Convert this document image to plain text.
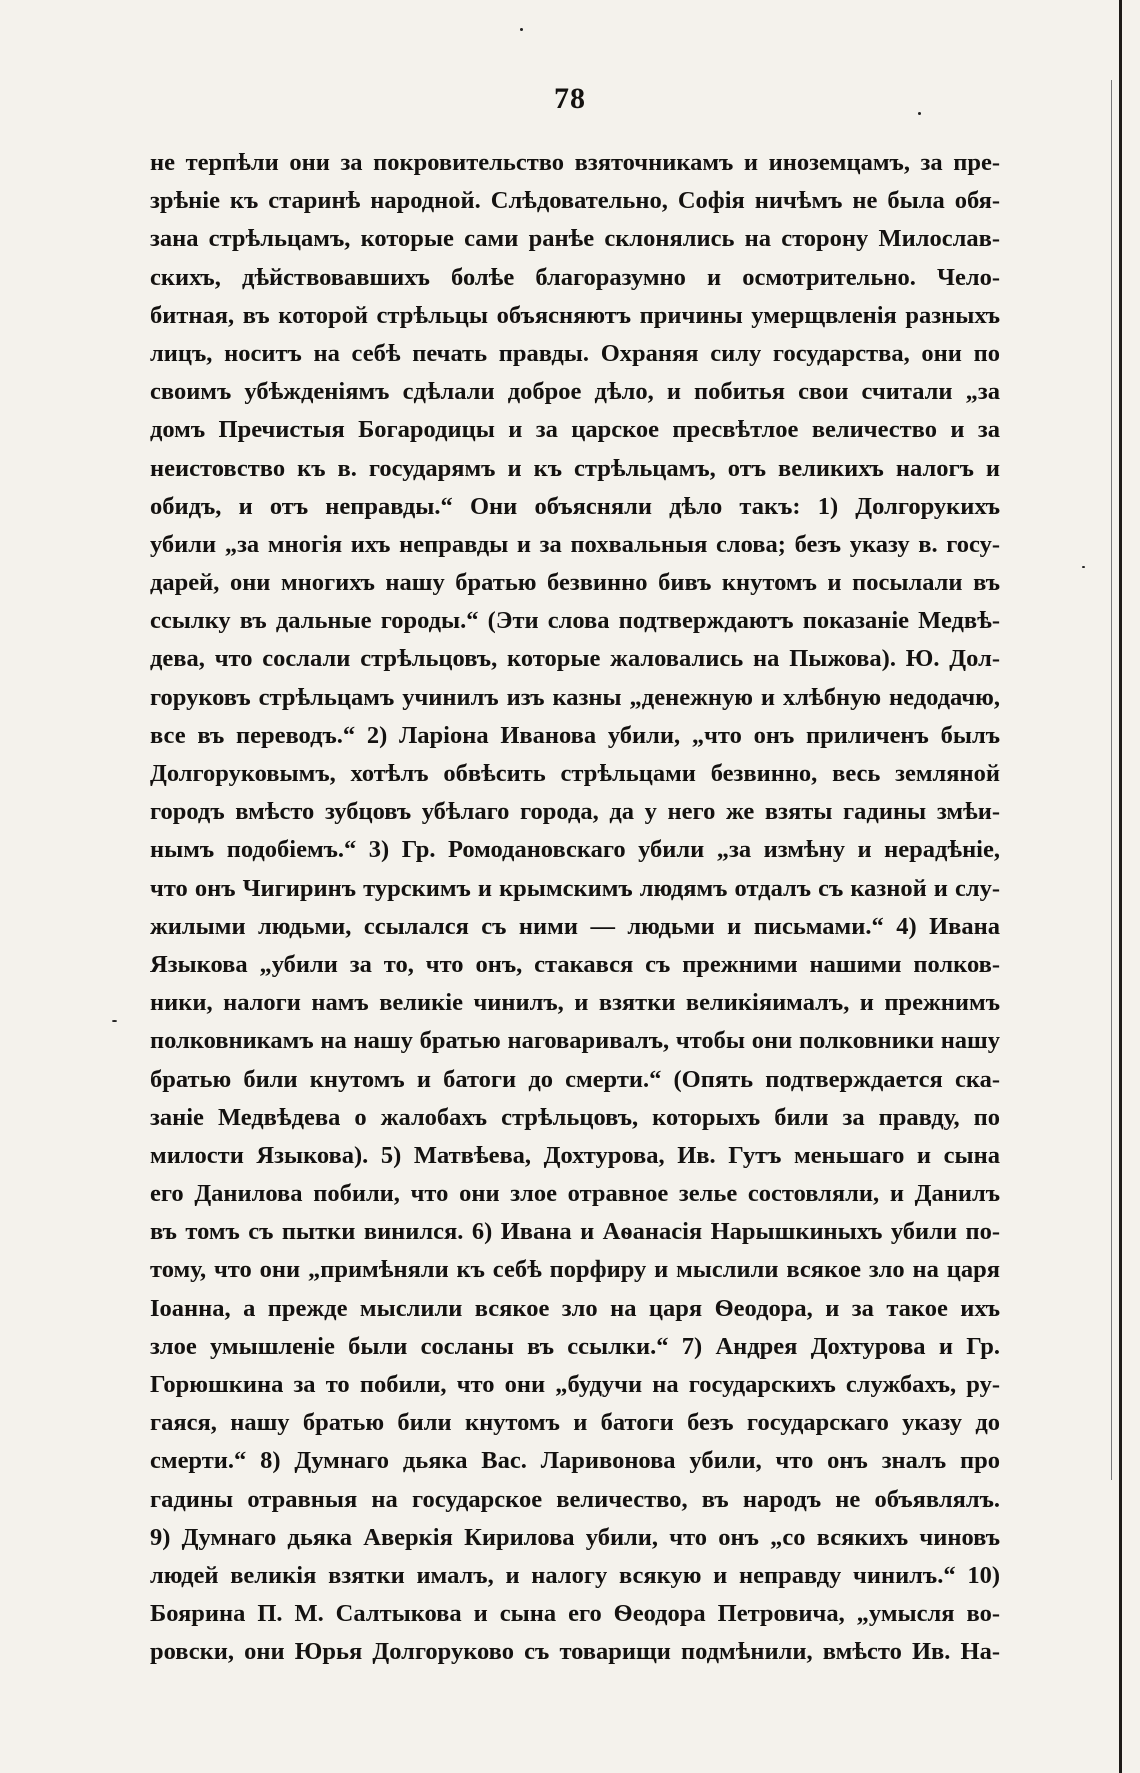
78
не терпѣли они за покровительство взяточникамъ и иноземцамъ, за пре-
зрѣніе къ старинѣ народной. Слѣдовательно, Софія ничѣмъ не была обя-
зана стрѣльцамъ, которые сами ранѣе склонялись на сторону Милослав-
скихъ, дѣйствовавшихъ болѣе благоразумно и осмотрительно. Чело-
битная, въ которой стрѣльцы объясняютъ причины умерщвленія разныхъ
лицъ, носитъ на себѣ печать правды. Охраняя силу государства, они по
своимъ убѣжденіямъ сдѣлали доброе дѣло, и побитья свои считали „за
домъ Пречистыя Богародицы и за царское пресвѣтлое величество и за
неистовство къ в. государямъ и къ стрѣльцамъ, отъ великихъ налогъ и
обидъ, и отъ неправды.“ Они объясняли дѣло такъ: 1) Долгорукихъ
убили „за многія ихъ неправды и за похвальныя слова; безъ указу в. госу-
дарей, они многихъ нашу братью безвинно бивъ кнутомъ и посылали въ
ссылку въ дальные городы.“ (Эти слова подтверждаютъ показаніе Медвѣ-
дева, что сослали стрѣльцовъ, которые жаловались на Пыжова). Ю. Дол-
горуковъ стрѣльцамъ учинилъ изъ казны „денежную и хлѣбную недодачю,
все въ переводъ.“ 2) Ларіона Иванова убили, „что онъ приличенъ былъ
Долгоруковымъ, хотѣлъ обвѣсить стрѣльцами безвинно, весь земляной
городъ вмѣсто зубцовъ убѣлаго города, да у него же взяты гадины змѣи-
нымъ подобіемъ.“ 3) Гр. Ромодановскаго убили „за измѣну и нерадѣніе,
что онъ Чигиринъ турскимъ и крымскимъ людямъ отдалъ съ казной и слу-
жилыми людьми, ссылался съ ними — людьми и письмами.“ 4) Ивана
Языкова „убили за то, что онъ, стакався съ прежними нашими полков-
ники, налоги намъ великіе чинилъ, и взятки великіяималъ, и прежнимъ
полковникамъ на нашу братью наговаривалъ, чтобы они полковники нашу
братью били кнутомъ и батоги до смерти.“ (Опять подтверждается ска-
заніе Медвѣдева о жалобахъ стрѣльцовъ, которыхъ били за правду, по
милости Языкова). 5) Матвѣева, Дохтурова, Ив. Гутъ меньшаго и сына
его Данилова побили, что они злое отравное зелье состовляли, и Данилъ
въ томъ съ пытки винился. 6) Ивана и Аѳанасія Нарышкиныхъ убили по-
тому, что они „примѣняли къ себѣ порфиру и мыслили всякое зло на царя
Іоанна, а прежде мыслили всякое зло на царя Ѳеодора, и за такое ихъ
злое умышленіе были сосланы въ ссылки.“ 7) Андрея Дохтурова и Гр.
Горюшкина за то побили, что они „будучи на государскихъ службахъ, ру-
гаяся, нашу братью били кнутомъ и батоги безъ государскаго указу до
смерти.“ 8) Думнаго дьяка Вас. Ларивонова убили, что онъ зналъ про
гадины отравныя на государское величество, въ народъ не объявлялъ.
9) Думнаго дьяка Аверкія Кирилова убили, что онъ „со всякихъ чиновъ
людей великія взятки ималъ, и налогу всякую и неправду чинилъ.“ 10)
Боярина П. М. Салтыкова и сына его Ѳеодора Петровича, „умысля во-
ровски, они Юрья Долгоруково съ товарищи подмѣнили, вмѣсто Ив. На-
